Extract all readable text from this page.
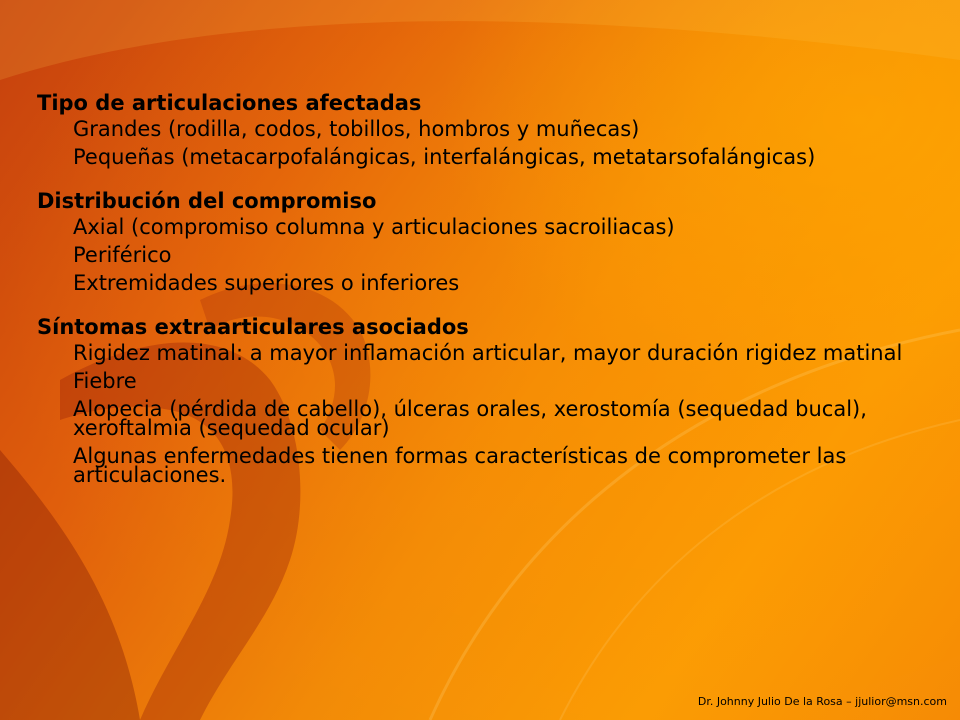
Tipo de articulaciones afectadas

Grandes (rodilla, codos, tobillos, hombros y muñecas)

Pequeñas (metacarpofalángicas, interfalángicas, metatarsofalángicas)

Distribución del compromiso

Axial (compromiso columna y articulaciones sacroiliacas)

Periférico

Extremidades superiores o inferiores

Síntomas extraarticulares asociados

Rigidez matinal: a mayor inflamación articular, mayor duración rigidez matinal

Fiebre

Alopecia (pérdida de cabello), úlceras orales, xerostomía (sequedad bucal), xeroftalmia (sequedad ocular)

Algunas enfermedades tienen formas características de comprometer las articulaciones.

Dr. Johnny Julio De la Rosa – jjulior@msn.com
